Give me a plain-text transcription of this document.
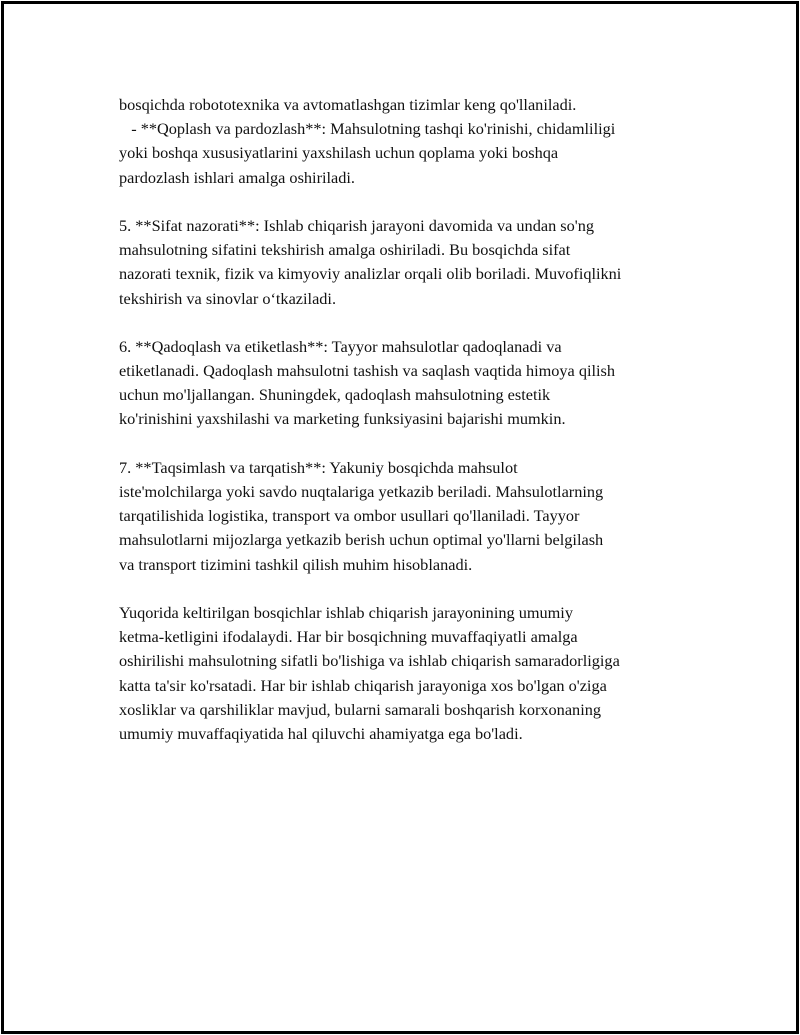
bosqichda robototexnika va avtomatlashgan tizimlar keng qo'llaniladi.
- **Qoplash va pardozlash**: Mahsulotning tashqi ko'rinishi, chidamliligi
yoki boshqa xususiyatlarini yaxshilash uchun qoplama yoki boshqa
pardozlash ishlari amalga oshiriladi.
5. **Sifat nazorati**: Ishlab chiqarish jarayoni davomida va undan so'ng
mahsulotning sifatini tekshirish amalga oshiriladi. Bu bosqichda sifat
nazorati texnik, fizik va kimyoviy analizlar orqali olib boriladi. Muvofiqlikni
tekshirish va sinovlar oʻtkaziladi.
6. **Qadoqlash va etiketlash**: Tayyor mahsulotlar qadoqlanadi va
etiketlanadi. Qadoqlash mahsulotni tashish va saqlash vaqtida himoya qilish
uchun mo'ljallangan. Shuningdek, qadoqlash mahsulotning estetik
ko'rinishini yaxshilashi va marketing funksiyasini bajarishi mumkin.
7. **Taqsimlash va tarqatish**: Yakuniy bosqichda mahsulot
iste'molchilarga yoki savdo nuqtalariga yetkazib beriladi. Mahsulotlarning
tarqatilishida logistika, transport va ombor usullari qo'llaniladi. Tayyor
mahsulotlarni mijozlarga yetkazib berish uchun optimal yo'llarni belgilash
va transport tizimini tashkil qilish muhim hisoblanadi.
Yuqorida keltirilgan bosqichlar ishlab chiqarish jarayonining umumiy
ketma-ketligini ifodalaydi. Har bir bosqichning muvaffaqiyatli amalga
oshirilishi mahsulotning sifatli bo'lishiga va ishlab chiqarish samaradorligiga
katta ta'sir ko'rsatadi. Har bir ishlab chiqarish jarayoniga xos bo'lgan o'ziga
xosliklar va qarshiliklar mavjud, bularni samarali boshqarish korxonaning
umumiy muvaffaqiyatida hal qiluvchi ahamiyatga ega bo'ladi.
